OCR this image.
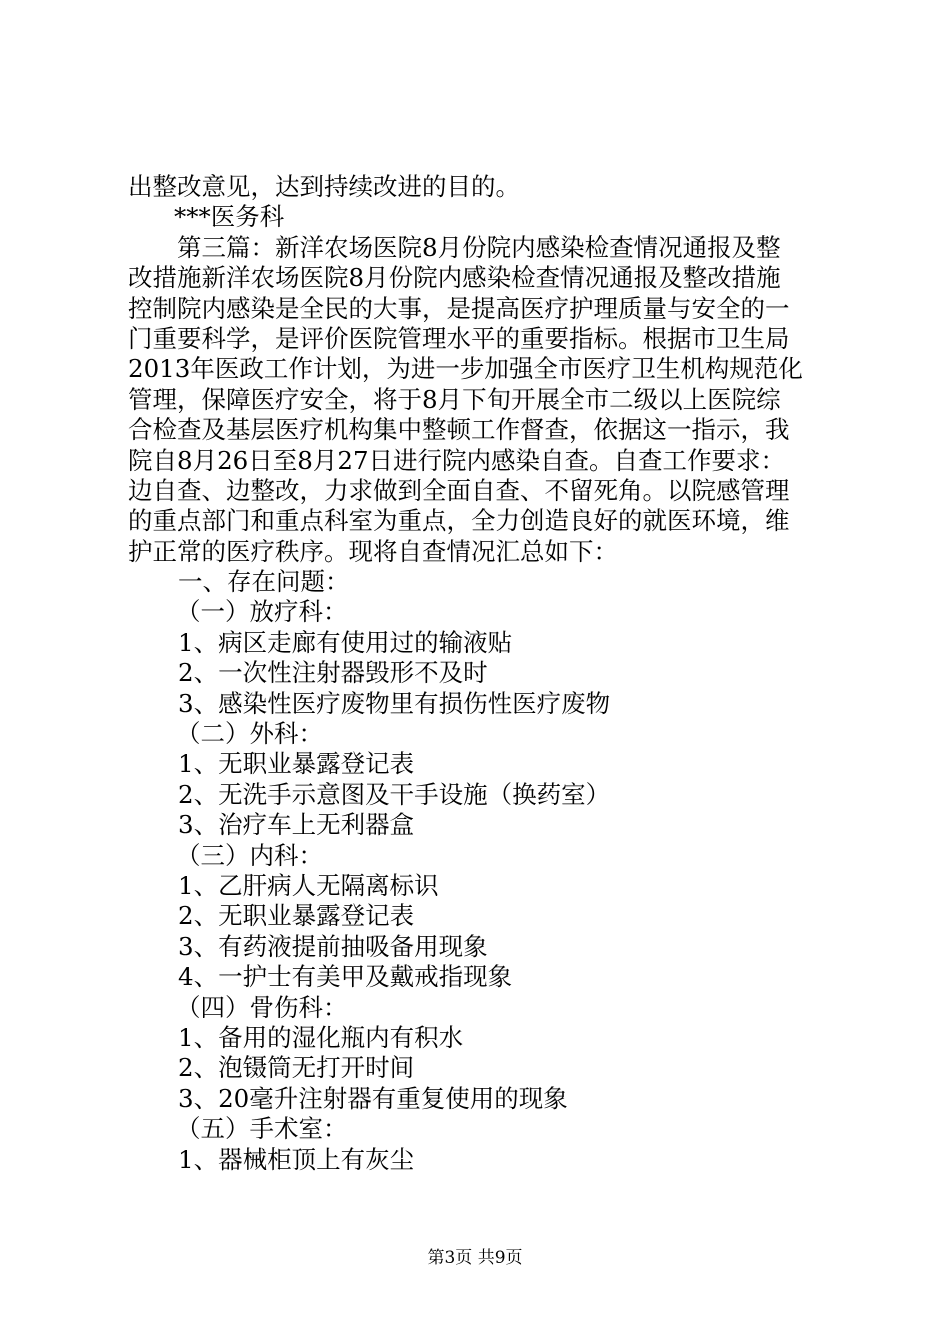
出整改意见，达到持续改进的目的。
***医务科
第三篇：新洋农场医院8月份院内感染检查情况通报及整
改措施新洋农场医院8月份院内感染检查情况通报及整改措施
控制院内感染是全民的大事，是提高医疗护理质量与安全的一
门重要科学，是评价医院管理水平的重要指标。根据市卫生局
2013年医政工作计划，为进一步加强全市医疗卫生机构规范化
管理，保障医疗安全，将于8月下旬开展全市二级以上医院综
合检查及基层医疗机构集中整顿工作督查，依据这一指示，我
院自8月26日至8月27日进行院内感染自查。自查工作要求：
边自查、边整改，力求做到全面自查、不留死角。以院感管理
的重点部门和重点科室为重点，全力创造良好的就医环境，维
护正常的医疗秩序。现将自查情况汇总如下：
一、存在问题：
（一）放疗科：
1、病区走廊有使用过的输液贴
2、一次性注射器毁形不及时
3、感染性医疗废物里有损伤性医疗废物
（二）外科：
1、无职业暴露登记表
2、无洗手示意图及干手设施（换药室）
3、治疗车上无利器盒
（三）内科：
1、乙肝病人无隔离标识
2、无职业暴露登记表
3、有药液提前抽吸备用现象
4、一护士有美甲及戴戒指现象
（四）骨伤科：
1、备用的湿化瓶内有积水
2、泡镊筒无打开时间
3、20毫升注射器有重复使用的现象
（五）手术室：
1、器械柜顶上有灰尘
第3页 共9页
